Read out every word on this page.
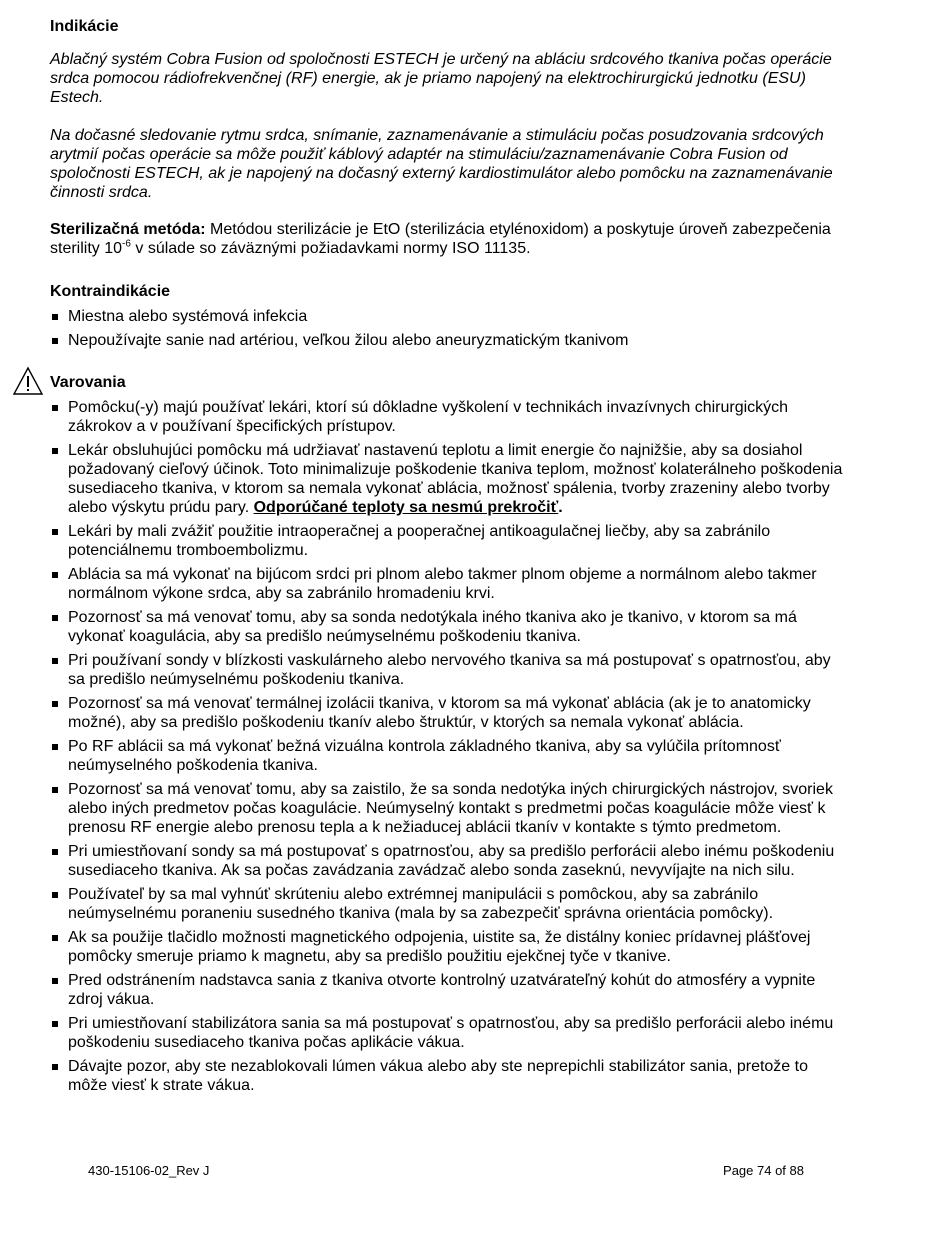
Indikácie

Ablačný systém Cobra Fusion od spoločnosti ESTECH je určený na abláciu srdcového tkaniva počas operácie srdca pomocou rádiofrekvenčnej (RF) energie, ak je priamo napojený na elektrochirurgickú jednotku (ESU) Estech.

Na dočasné sledovanie rytmu srdca, snímanie, zaznamenávanie a stimuláciu počas posudzovania srdcových arytmií počas operácie sa môže použiť káblový adaptér na stimuláciu/zaznamenávanie Cobra Fusion od spoločnosti ESTECH, ak je napojený na dočasný externý kardiostimulátor alebo pomôcku na zaznamenávanie činnosti srdca.

Sterilizačná metóda: Metódou sterilizácie je EtO (sterilizácia etylénoxidom) a poskytuje úroveň zabezpečenia sterility $10^{-6}$ v súlade so záväznými požiadavkami normy ISO 11135.

Kontraindikácie
Miestna alebo systémová infekcia
Nepoužívajte sanie nad artériou, veľkou žilou alebo aneuryzmatickým tkanivom
Varovania
Pomôcku(-y) majú používať lekári, ktorí sú dôkladne vyškolení v technikách invazívnych chirurgických zákrokov a v používaní špecifických prístupov.
Lekár obsluhujúci pomôcku má udržiavať nastavenú teplotu a limit energie čo najnižšie, aby sa dosiahol požadovaný cieľový účinok. Toto minimalizuje poškodenie tkaniva teplom, možnosť kolaterálneho poškodenia susediaceho tkaniva, v ktorom sa nemala vykonať ablácia, možnosť spálenia, tvorby zrazeniny alebo tvorby alebo výskytu prúdu pary. Odporúčané teploty sa nesmú prekročiť.
Lekári by mali zvážiť použitie intraoperačnej a pooperačnej antikoagulačnej liečby, aby sa zabránilo potenciálnemu tromboembolizmu.
Ablácia sa má vykonať na bijúcom srdci pri plnom alebo takmer plnom objeme a normálnom alebo takmer normálnom výkone srdca, aby sa zabránilo hromadeniu krvi.
Pozornosť sa má venovať tomu, aby sa sonda nedotýkala iného tkaniva ako je tkanivo, v ktorom sa má vykonať koagulácia, aby sa predišlo neúmyselnému poškodeniu tkaniva.
Pri používaní sondy v blízkosti vaskulárneho alebo nervového tkaniva sa má postupovať s opatrnosťou, aby sa predišlo neúmyselnému poškodeniu tkaniva.
Pozornosť sa má venovať termálnej izolácii tkaniva, v ktorom sa má vykonať ablácia (ak je to anatomicky možné), aby sa predišlo poškodeniu tkanív alebo štruktúr, v ktorých sa nemala vykonať ablácia.
Po RF ablácii sa má vykonať bežná vizuálna kontrola základného tkaniva, aby sa vylúčila prítomnosť neúmyselného poškodenia tkaniva.
Pozornosť sa má venovať tomu, aby sa zaistilo, že sa sonda nedotýka iných chirurgických nástrojov, svoriek alebo iných predmetov počas koagulácie. Neúmyselný kontakt s predmetmi počas koagulácie môže viesť k prenosu RF energie alebo prenosu tepla a k nežiaducej ablácii tkanív v kontakte s týmto predmetom.
Pri umiestňovaní sondy sa má postupovať s opatrnosťou, aby sa predišlo perforácii alebo inému poškodeniu susediaceho tkaniva. Ak sa počas zavádzania zavádzač alebo sonda zaseknú, nevyvíjajte na nich silu.
Používateľ by sa mal vyhnúť skrúteniu alebo extrémnej manipulácii s pomôckou, aby sa zabránilo neúmyselnému poraneniu susedného tkaniva (mala by sa zabezpečiť správna orientácia pomôcky).
Ak sa použije tlačidlo možnosti magnetického odpojenia, uistite sa, že distálny koniec prídavnej plášťovej pomôcky smeruje priamo k magnetu, aby sa predišlo použitiu ejekčnej tyče v tkanive.
Pred odstránením nadstavca sania z tkaniva otvorte kontrolný uzatvárateľný kohút do atmosféry a vypnite zdroj vákua.
Pri umiestňovaní stabilizátora sania sa má postupovať s opatrnosťou, aby sa predišlo perforácii alebo inému poškodeniu susediaceho tkaniva počas aplikácie vákua.
Dávajte pozor, aby ste nezablokovali lúmen vákua alebo aby ste neprepichli stabilizátor sania, pretože to môže viesť k strate vákua.
430-15106-02_Rev J	Page 74 of 88
